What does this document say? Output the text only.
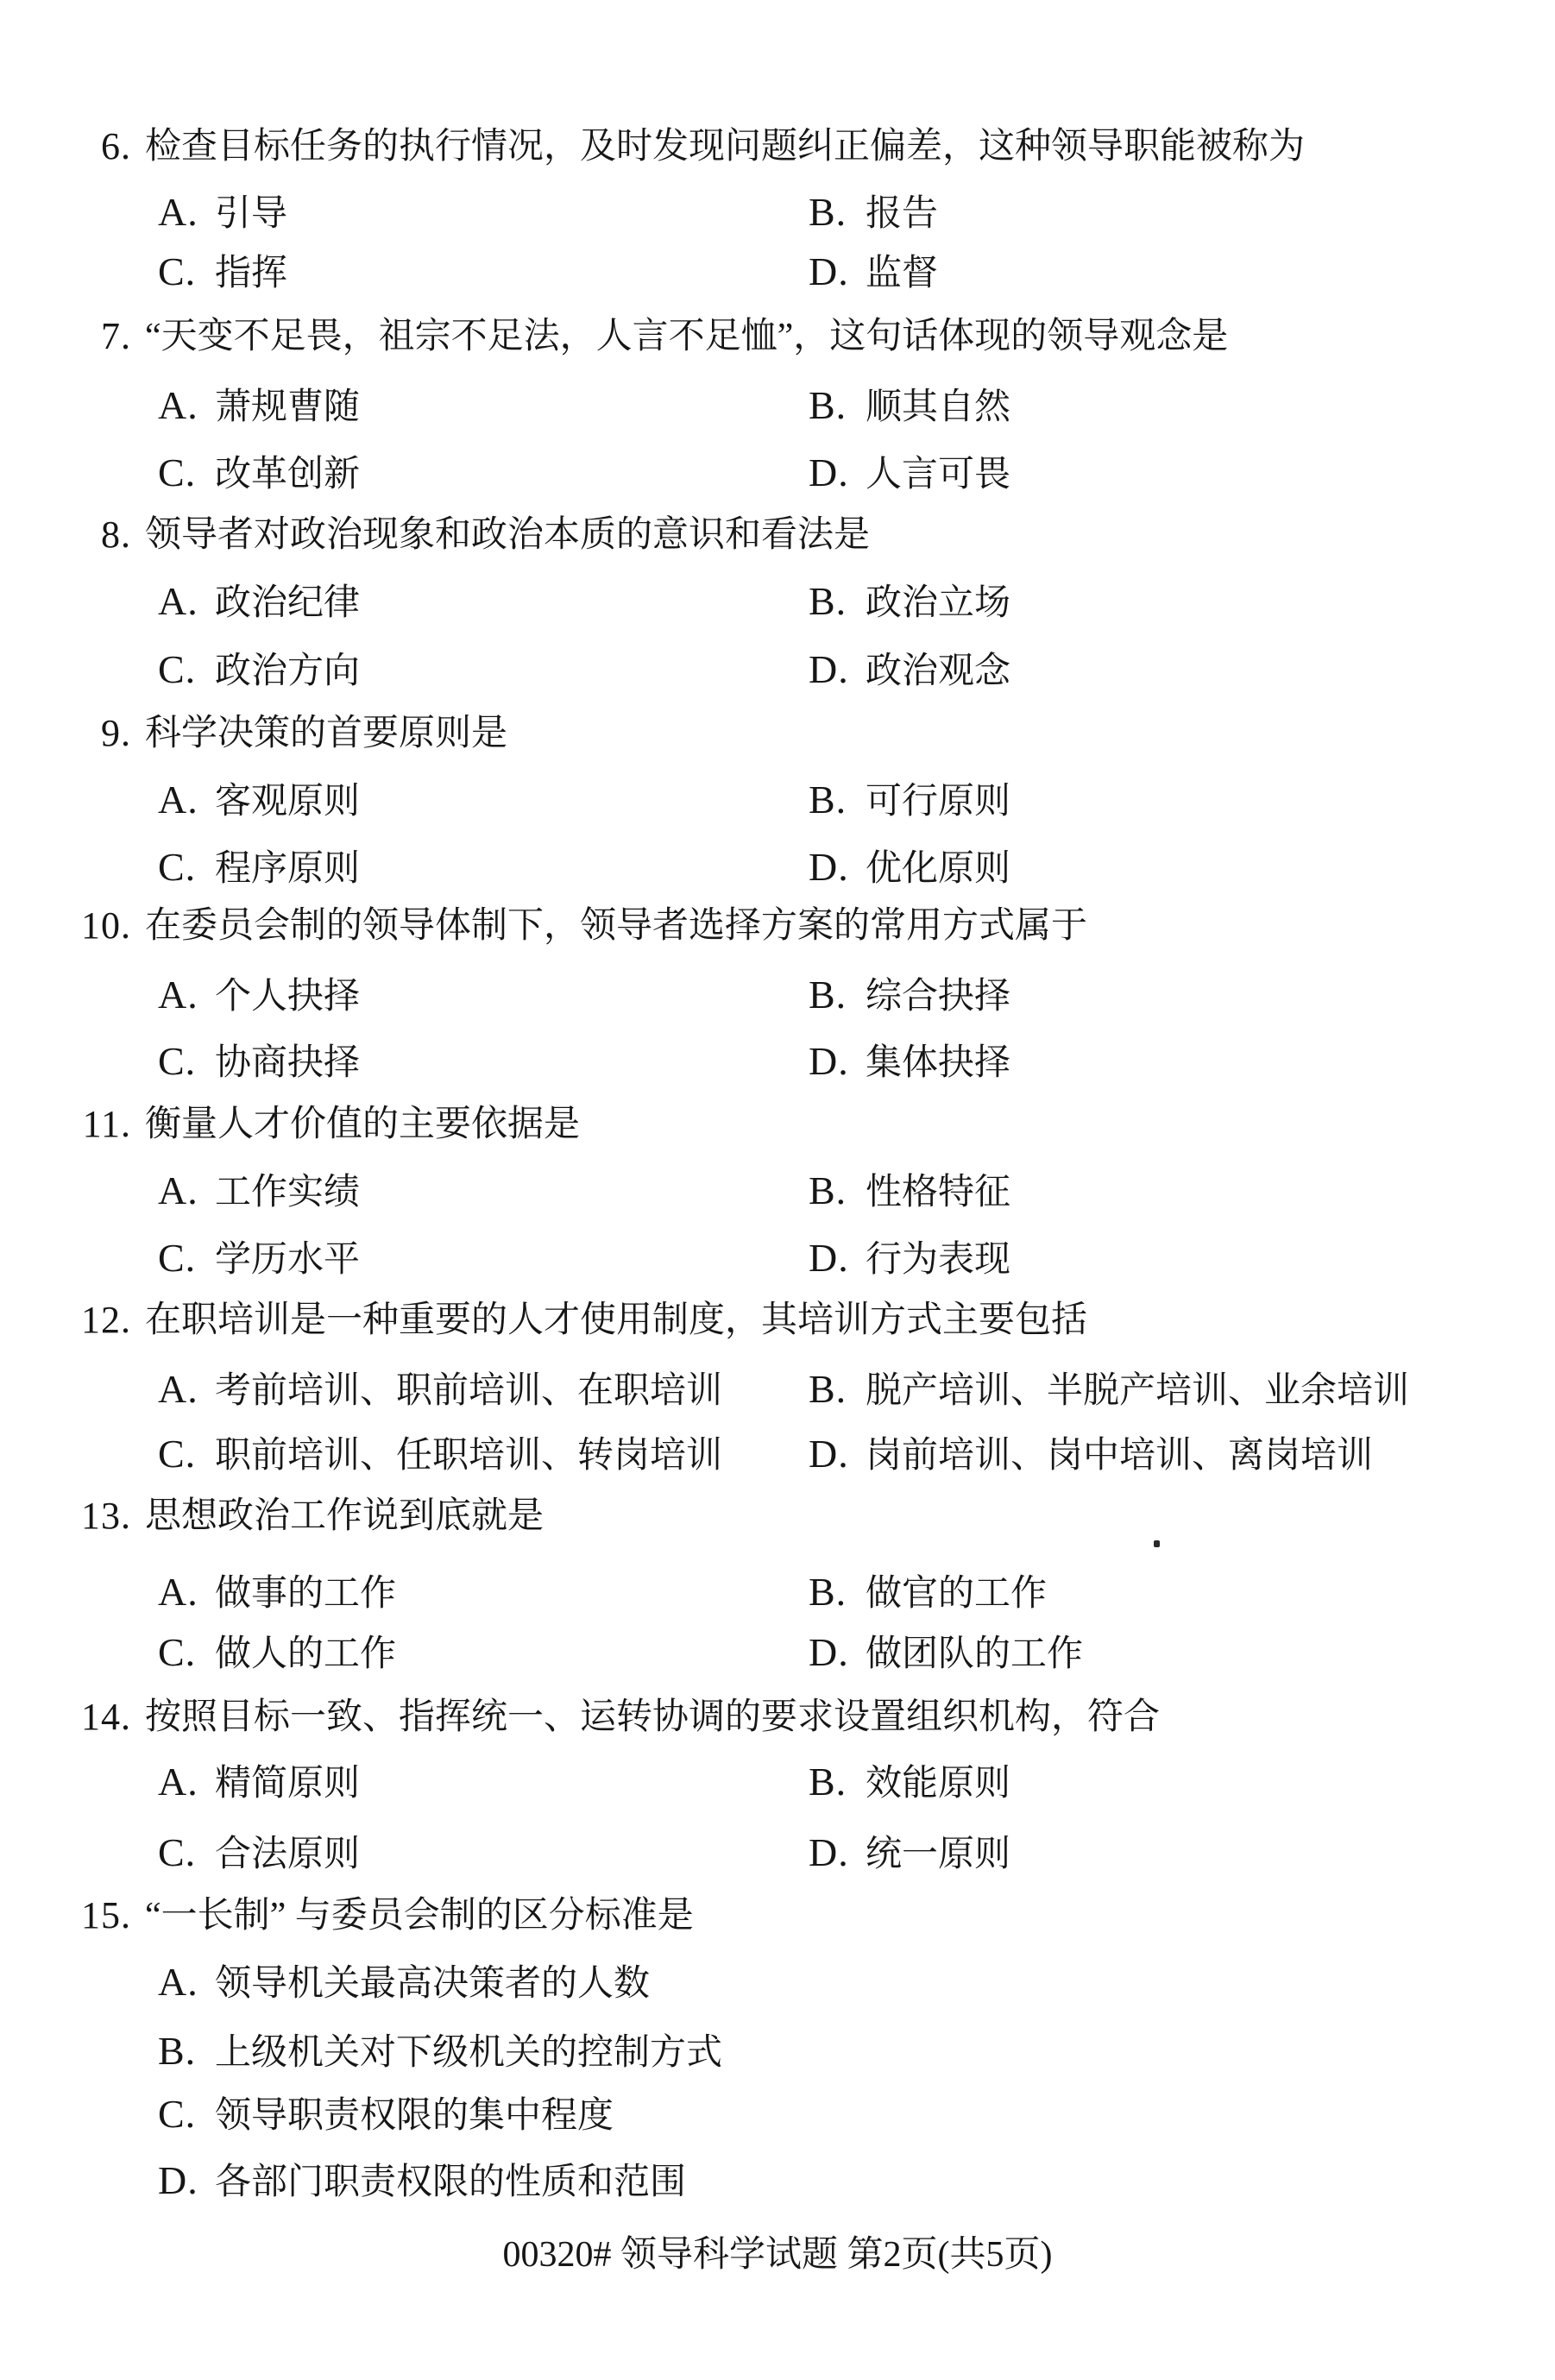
6. 检查目标任务的执行情况，及时发现问题纠正偏差，这种领导职能被称为
A. 引导	B. 报告
C. 指挥	D. 监督
7. “天变不足畏，祖宗不足法，人言不足恤”，这句话体现的领导观念是
A. 萧规曹随	B. 顺其自然
C. 改革创新	D. 人言可畏
8. 领导者对政治现象和政治本质的意识和看法是
A. 政治纪律	B. 政治立场
C. 政治方向	D. 政治观念
9. 科学决策的首要原则是
A. 客观原则	B. 可行原则
C. 程序原则	D. 优化原则
10. 在委员会制的领导体制下，领导者选择方案的常用方式属于
A. 个人抉择	B. 综合抉择
C. 协商抉择	D. 集体抉择
11. 衡量人才价值的主要依据是
A. 工作实绩	B. 性格特征
C. 学历水平	D. 行为表现
12. 在职培训是一种重要的人才使用制度，其培训方式主要包括
A. 考前培训、职前培训、在职培训 B. 脱产培训、半脱产培训、业余培训
C. 职前培训、任职培训、转岗培训 D. 岗前培训、岗中培训、离岗培训
13. 思想政治工作说到底就是
A. 做事的工作	B. 做官的工作
C. 做人的工作	D. 做团队的工作
14. 按照目标一致、指挥统一、运转协调的要求设置组织机构，符合
A. 精简原则	B. 效能原则
C. 合法原则	D. 统一原则
15. “一长制” 与委员会制的区分标准是
A. 领导机关最高决策者的人数
B. 上级机关对下级机关的控制方式
C. 领导职责权限的集中程度
D. 各部门职责权限的性质和范围
00320# 领导科学试题 第2页(共5页)
